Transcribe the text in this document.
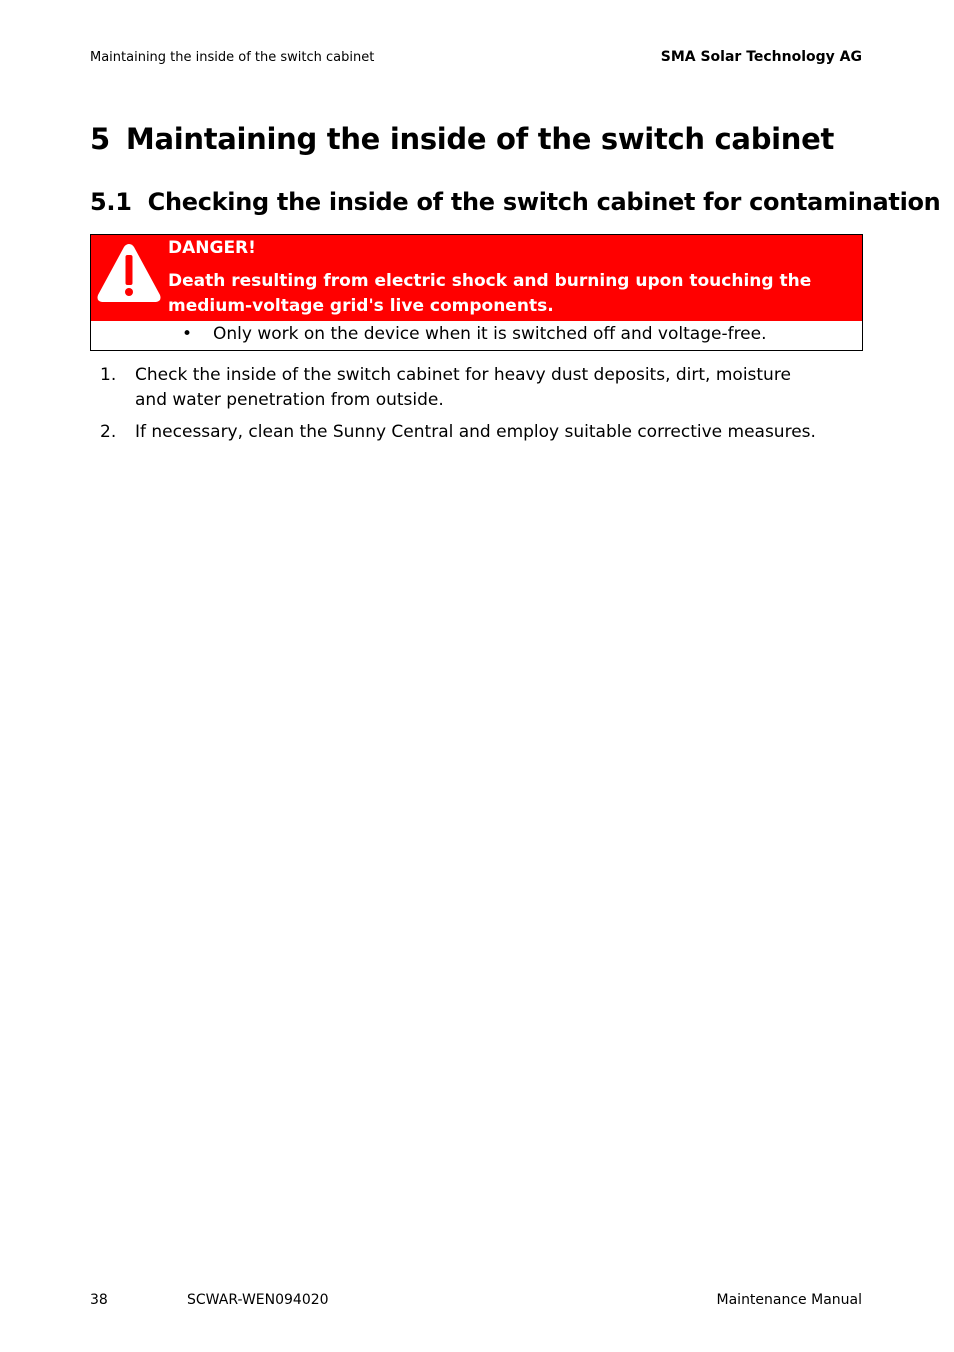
Maintaining the inside of the switch cabinet	SMA Solar Technology AG
5 Maintaining the inside of the switch cabinet
5.1 Checking the inside of the switch cabinet for contamination
DANGER!
Death resulting from electric shock and burning upon touching the medium-voltage grid's live components.
• Only work on the device when it is switched off and voltage-free.
1. Check the inside of the switch cabinet for heavy dust deposits, dirt, moisture and water penetration from outside.
2. If necessary, clean the Sunny Central and employ suitable corrective measures.
38	SCWAR-WEN094020	Maintenance Manual
